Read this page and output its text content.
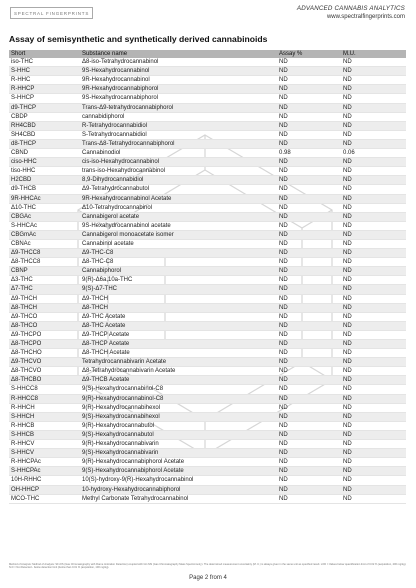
SPECTRAL FINGERPRINTS
ADVANCED CANNABIS ANALYTICS
www.spectralfingerprints.com
Assay of semisynthetic and synthetically derived cannabinoids
Short	Substance name	Assay %	M.U.
iso-THC	Δ8-iso-Tetrahydrocannabinol	ND	ND
S-HHC	9S-Hexahydrocannabinol	ND	ND
R-HHC	9R-Hexahydrocannabinol	ND	ND
R-HHCP	9R-Hexahydrocannabiphorol	ND	ND
S-HHCP	9S-Hexahydrocannabiphorol	ND	ND
d9-THCP	Trans-Δ9-tetrahydrocannabiphorol	ND	ND
CBDP	cannabidiphorol	ND	ND
RH4CBD	R-Tetrahydrocannabidiol	ND	ND
SH4CBD	S-Tetrahydrocannabidiol	ND	ND
d8-THCP	Trans-Δ8-Tetrahydrocannabiphorol	ND	ND
CBND	Cannabinodiol	0.98	0.06
ciso-HHC	cis-iso-Hexahydrocannabinol	ND	ND
tiso-HHC	trans-iso-Hexahydrocannabinol	ND	ND
H2CBD	8,9-Dihydrocannabidiol	ND	ND
d9-THCB	Δ9-Tetrahydrocannabutol	ND	ND
9R-HHCAc	9R-Hexahydrocannabinol Acetate	ND	ND
Δ10-THC	Δ10-Tetrahydrocannabinol	ND	ND
CBGAc	Cannabigerol acetate	ND	ND
S-HHCAc	9S-Hexahydrocannabinol acetate	ND	ND
CBGmAc	Cannabigerol monoacetate isomer	ND	ND
CBNAc	Cannabinol acetate	ND	ND
Δ9-THCC8	Δ9-THC-C8	ND	ND
Δ8-THCC8	Δ8-THC-C8	ND	ND
CBNP	Cannabiphorol	ND	ND
Δ3-THC	9(R)-Δ6a,10a-THC	ND	ND
Δ7-THC	9(S)-Δ7-THC	ND	ND
Δ9-THCH	Δ9-THCH	ND	ND
Δ8-THCH	Δ8-THCH	ND	ND
Δ9-THCO	Δ9-THC Acetate	ND	ND
Δ8-THCO	Δ8-THC Acetate	ND	ND
Δ9-THCPO	Δ9-THCP Acetate	ND	ND
Δ8-THCPO	Δ8-THCP Acetate	ND	ND
Δ8-THCHO	Δ8-THCH Acetate	ND	ND
Δ9-THCVO	Tetrahydrocannabivarin Acetate	ND	ND
Δ8-THCVO	Δ8-Tetrahydrocannabivarin Acetate	ND	ND
Δ8-THCBO	Δ9-THCB Acetate	ND	ND
S-HHCC8	9(S)-Hexahydrocannabinol-C8	ND	ND
R-HHCC8	9(R)-Hexahydrocannabinol-C8	ND	ND
R-HHCH	9(R)-Hexahydrocannabihexol	ND	ND
S-HHCH	9(S)-Hexahydrocannabihexol	ND	ND
R-HHCB	9(R)-Hexahydrocannabutol	ND	ND
S-HHCB	9(S)-Hexahydrocannabutol	ND	ND
R-HHCV	9(R)-Hexahydrocannabivarin	ND	ND
S-HHCV	9(S)-Hexahydrocannabivarin	ND	ND
R-HHCPAc	9(R)-Hexahydrocannabiphorol Acetate	ND	ND
S-HHCPAc	9(S)-Hexahydrocannabiphorol Acetate	ND	ND
10H-RHHC	10(S)-hydroxy-9(R)-Hexahydrocannabinol	ND	ND
OH-HHCP	10-hydroxy-Hexahydrocannabiphorol	ND	ND
MCO-THC	Methyl Carbonate Tetrahydrocannabinol	ND	ND
Method of Analysis: Method of Analysis: SF-FIS (Gas Chromatography with Flame Ionization Detection) coupled with GC-MS (Gas Chromatography Mass Spectrometry). The determined measurement uncertainty (M. U.) is always given in the same unit as specified result. LOD = Values below quantification limit of 0.02 % (acquisition, 200 mg/kg). N.D = Not Detected - below detection limit (below than 0.01 % (acquisition, 100 mg/kg).
Page 2 from 4
